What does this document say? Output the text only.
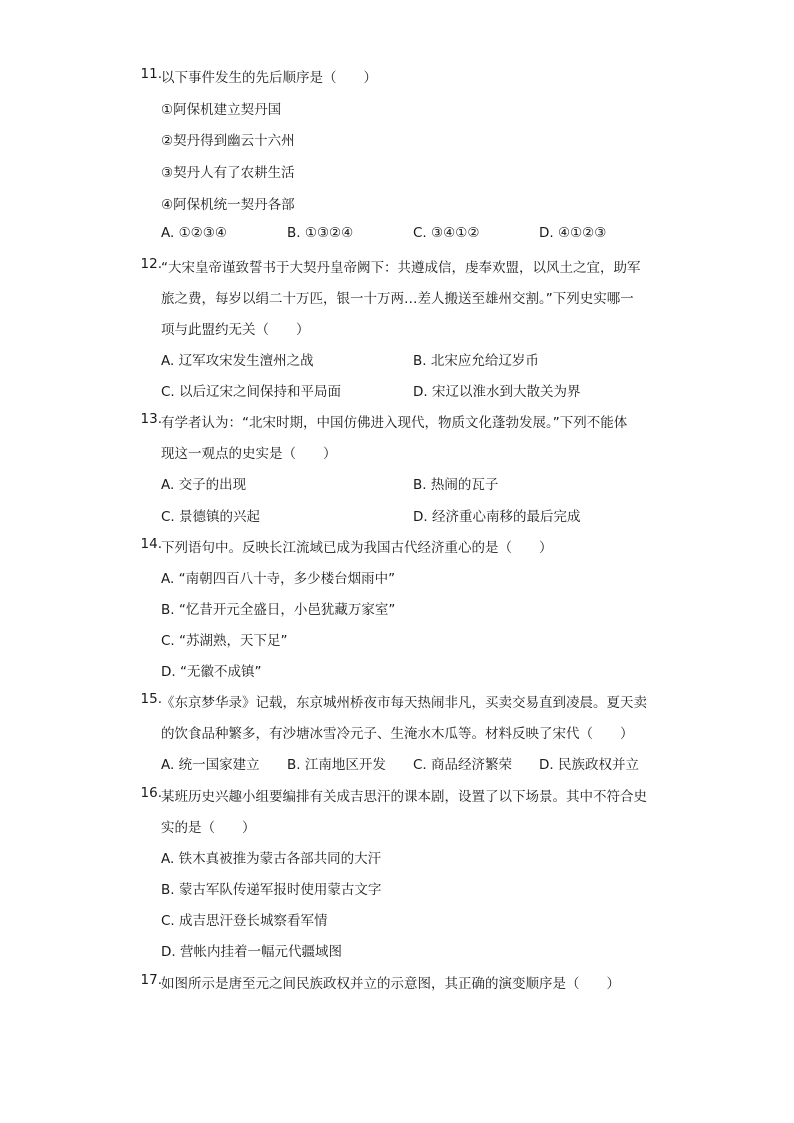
11. 以下事件发生的先后顺序是（　　）
①阿保机建立契丹国
②契丹得到幽云十六州
③契丹人有了农耕生活
④阿保机统一契丹各部
A. ①②③④	B. ①③②④	C. ③④①②	D. ④①②③
12. “大宋皇帝谨致誓书于大契丹皇帝阙下：共遵成信，虔奉欢盟，以风土之宜，助军
旅之费，每岁以绢二十万匹，银一十万两…差人搬送至雄州交割。”下列史实哪一
项与此盟约无关（　　）
A. 辽军攻宋发生澶州之战	B. 北宋应允给辽岁币
C. 以后辽宋之间保持和平局面	D. 宋辽以淮水到大散关为界
13. 有学者认为：“北宋时期，中国仿佛进入现代，物质文化蓬勃发展。”下列不能体
现这一观点的史实是（　　）
A. 交子的出现	B. 热闹的瓦子
C. 景德镇的兴起	D. 经济重心南移的最后完成
14. 下列语句中。反映长江流域已成为我国古代经济重心的是（　　）
A. “南朝四百八十寺，多少楼台烟雨中”
B. “忆昔开元全盛日，小邑犹藏万家室”
C. “苏湖熟，天下足”
D. “无徽不成镇”
15. 《东京梦华录》记载，东京城州桥夜市每天热闹非凡，买卖交易直到凌晨。夏天卖
的饮食品种繁多，有沙塘冰雪冷元子、生淹水木瓜等。材料反映了宋代（　　）
A. 统一国家建立 B. 江南地区开发 C. 商品经济繁荣 D. 民族政权并立
16. 某班历史兴趣小组要编排有关成吉思汗的课本剧，设置了以下场景。其中不符合史
实的是（　　）
A. 铁木真被推为蒙古各部共同的大汗
B. 蒙古军队传递军报时使用蒙古文字
C. 成吉思汗登长城察看军情
D. 营帐内挂着一幅元代疆域图
17. 如图所示是唐至元之间民族政权并立的示意图，其正确的演变顺序是（　　）
